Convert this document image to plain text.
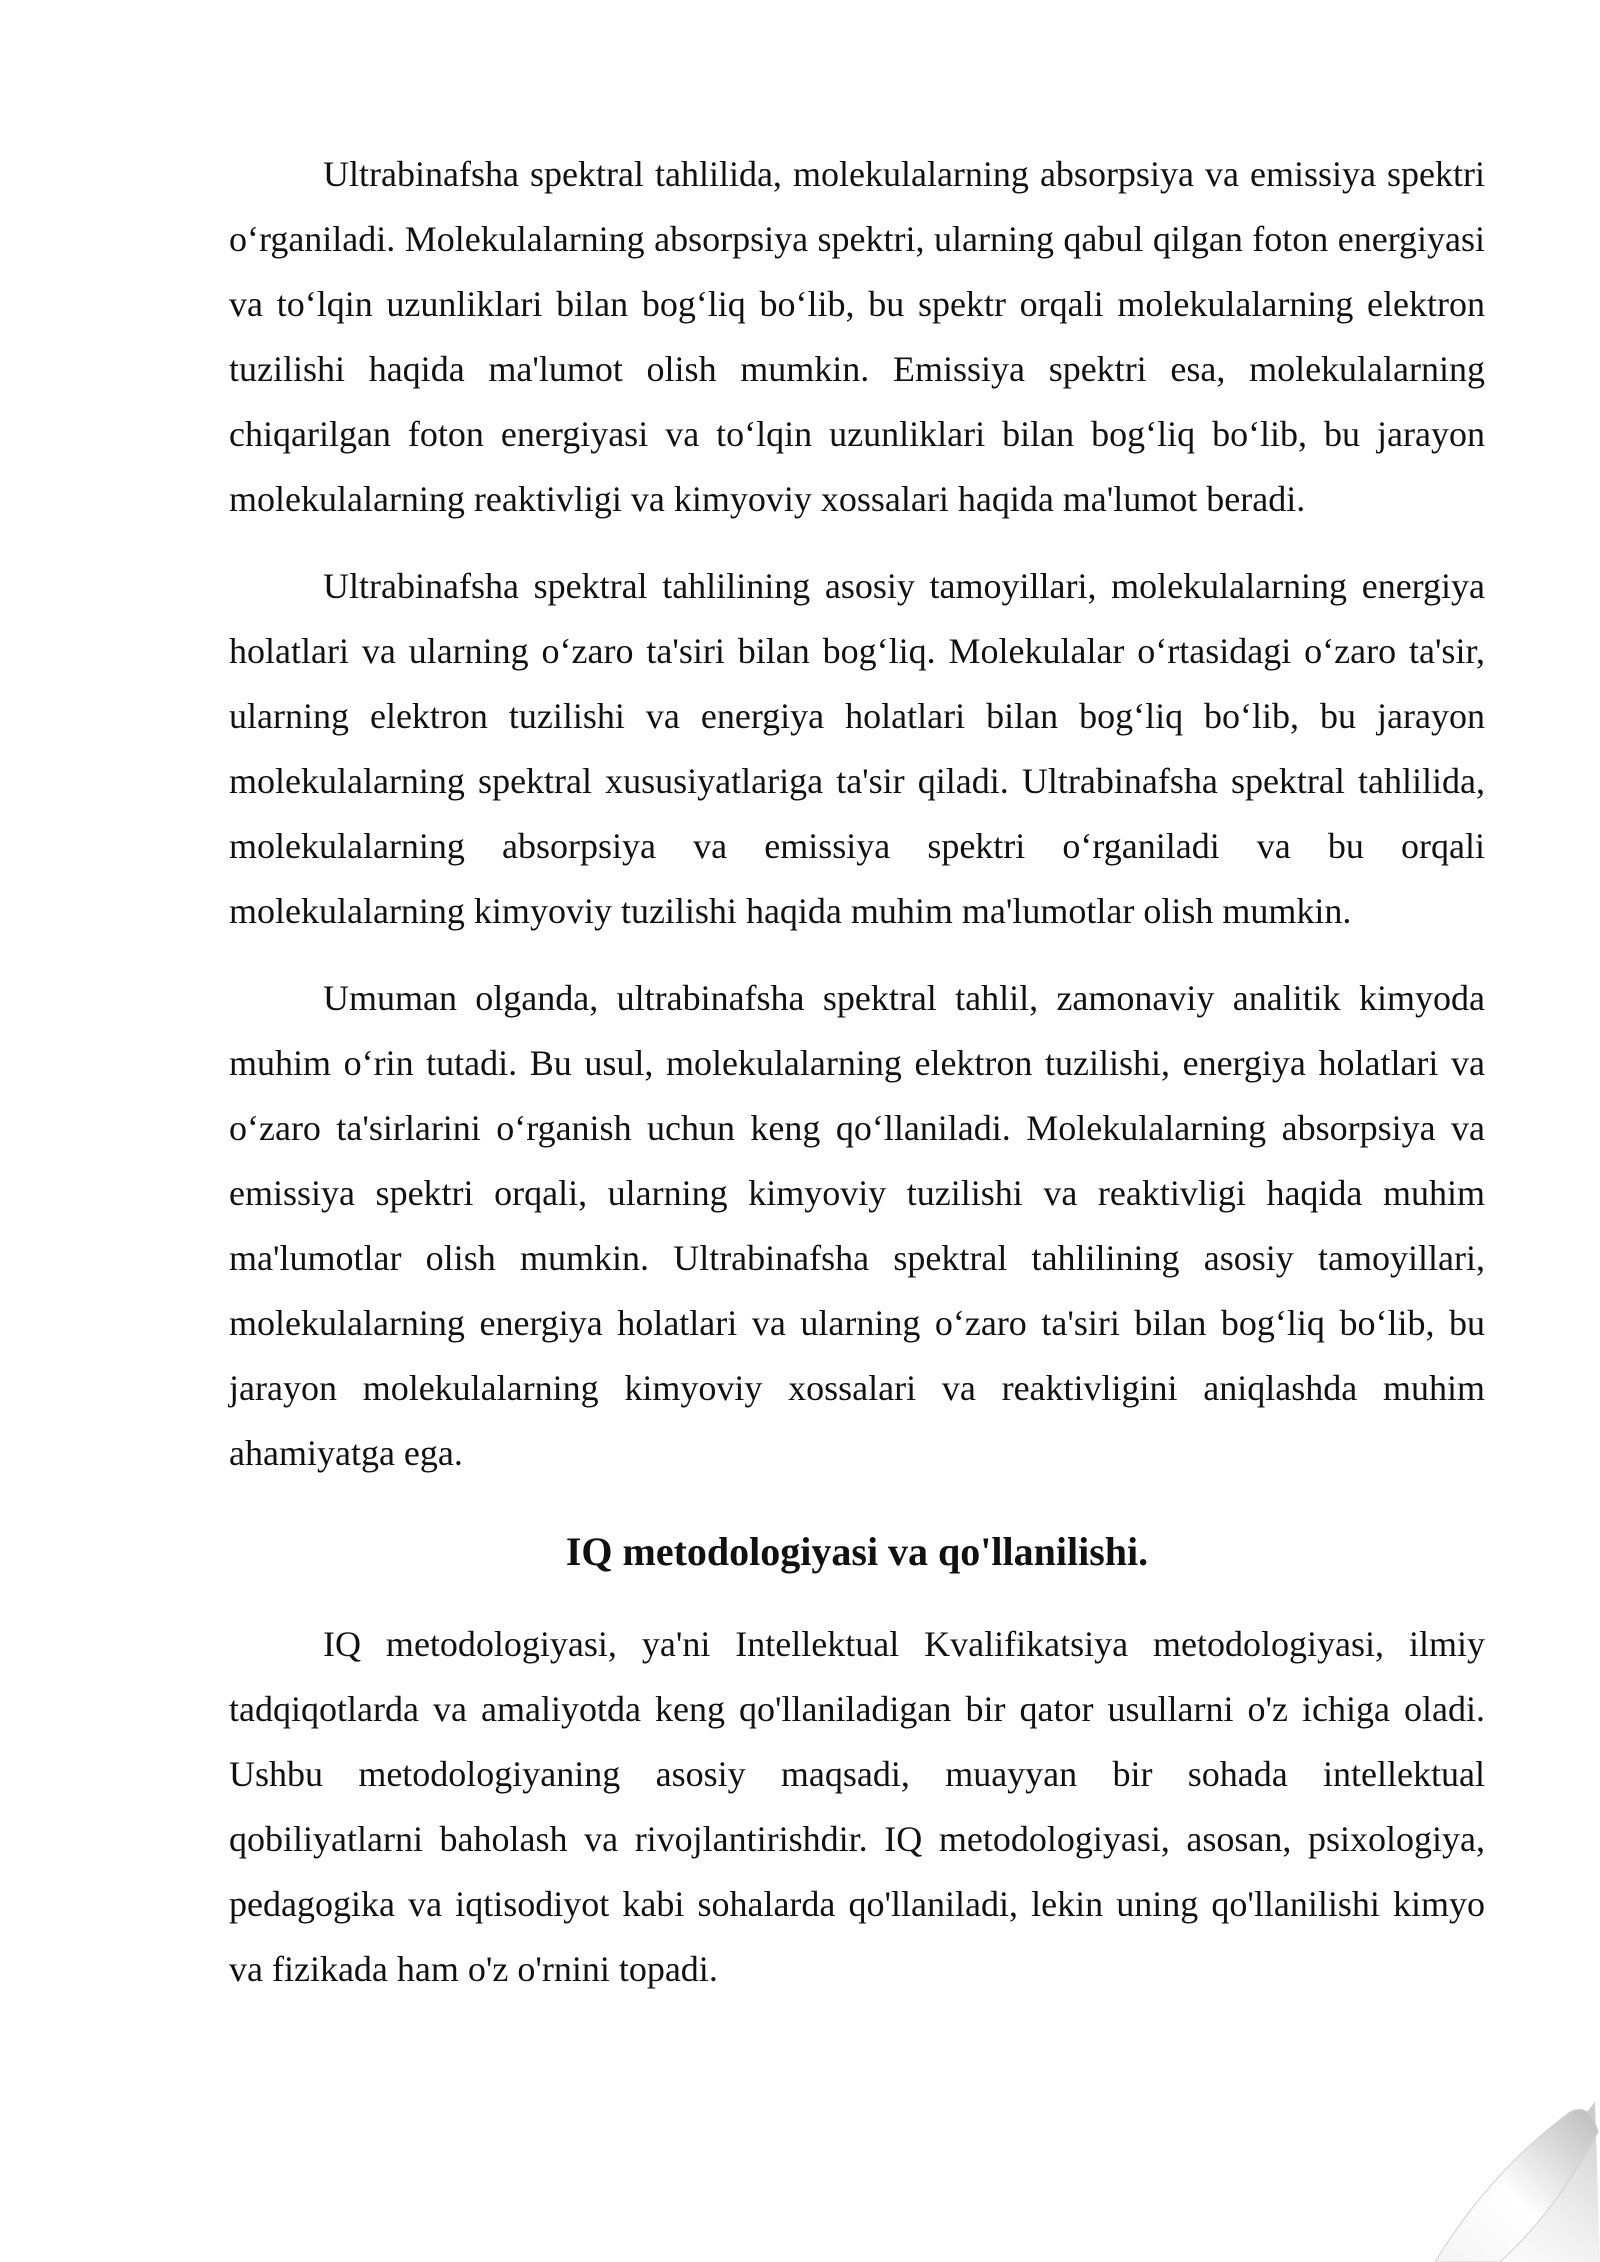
Ultrabinafsha spektral tahlilida, molekulalarning absorpsiya va emissiya spektri o‘rganiladi. Molekulalarning absorpsiya spektri, ularning qabul qilgan foton energiyasi va to‘lqin uzunliklari bilan bog‘liq bo‘lib, bu spektr orqali molekulalarning elektron tuzilishi haqida ma'lumot olish mumkin. Emissiya spektri esa, molekulalarning chiqarilgan foton energiyasi va to‘lqin uzunliklari bilan bog‘liq bo‘lib, bu jarayon molekulalarning reaktivligi va kimyoviy xossalari haqida ma'lumot beradi.

Ultrabinafsha spektral tahlilining asosiy tamoyillari, molekulalarning energiya holatlari va ularning o‘zaro ta'siri bilan bog‘liq. Molekulalar o‘rtasidagi o‘zaro ta'sir, ularning elektron tuzilishi va energiya holatlari bilan bog‘liq bo‘lib, bu jarayon molekulalarning spektral xususiyatlariga ta'sir qiladi. Ultrabinafsha spektral tahlilida, molekulalarning absorpsiya va emissiya spektri o‘rganiladi va bu orqali molekulalarning kimyoviy tuzilishi haqida muhim ma'lumotlar olish mumkin.

Umuman olganda, ultrabinafsha spektral tahlil, zamonaviy analitik kimyoda muhim o‘rin tutadi. Bu usul, molekulalarning elektron tuzilishi, energiya holatlari va o‘zaro ta'sirlarini o‘rganish uchun keng qo‘llaniladi. Molekulalarning absorpsiya va emissiya spektri orqali, ularning kimyoviy tuzilishi va reaktivligi haqida muhim ma'lumotlar olish mumkin. Ultrabinafsha spektral tahlilining asosiy tamoyillari, molekulalarning energiya holatlari va ularning o‘zaro ta'siri bilan bog‘liq bo‘lib, bu jarayon molekulalarning kimyoviy xossalari va reaktivligini aniqlashda muhim ahamiyatga ega.

IQ metodologiyasi va qo'llanilishi.

IQ metodologiyasi, ya'ni Intellektual Kvalifikatsiya metodologiyasi, ilmiy tadqiqotlarda va amaliyotda keng qo'llaniladigan bir qator usullarni o'z ichiga oladi. Ushbu metodologiyaning asosiy maqsadi, muayyan bir sohada intellektual qobiliyatlarni baholash va rivojlantirishdir. IQ metodologiyasi, asosan, psixologiya, pedagogika va iqtisodiyot kabi sohalarda qo'llaniladi, lekin uning qo'llanilishi kimyo va fizikada ham o'z o'rnini topadi.
